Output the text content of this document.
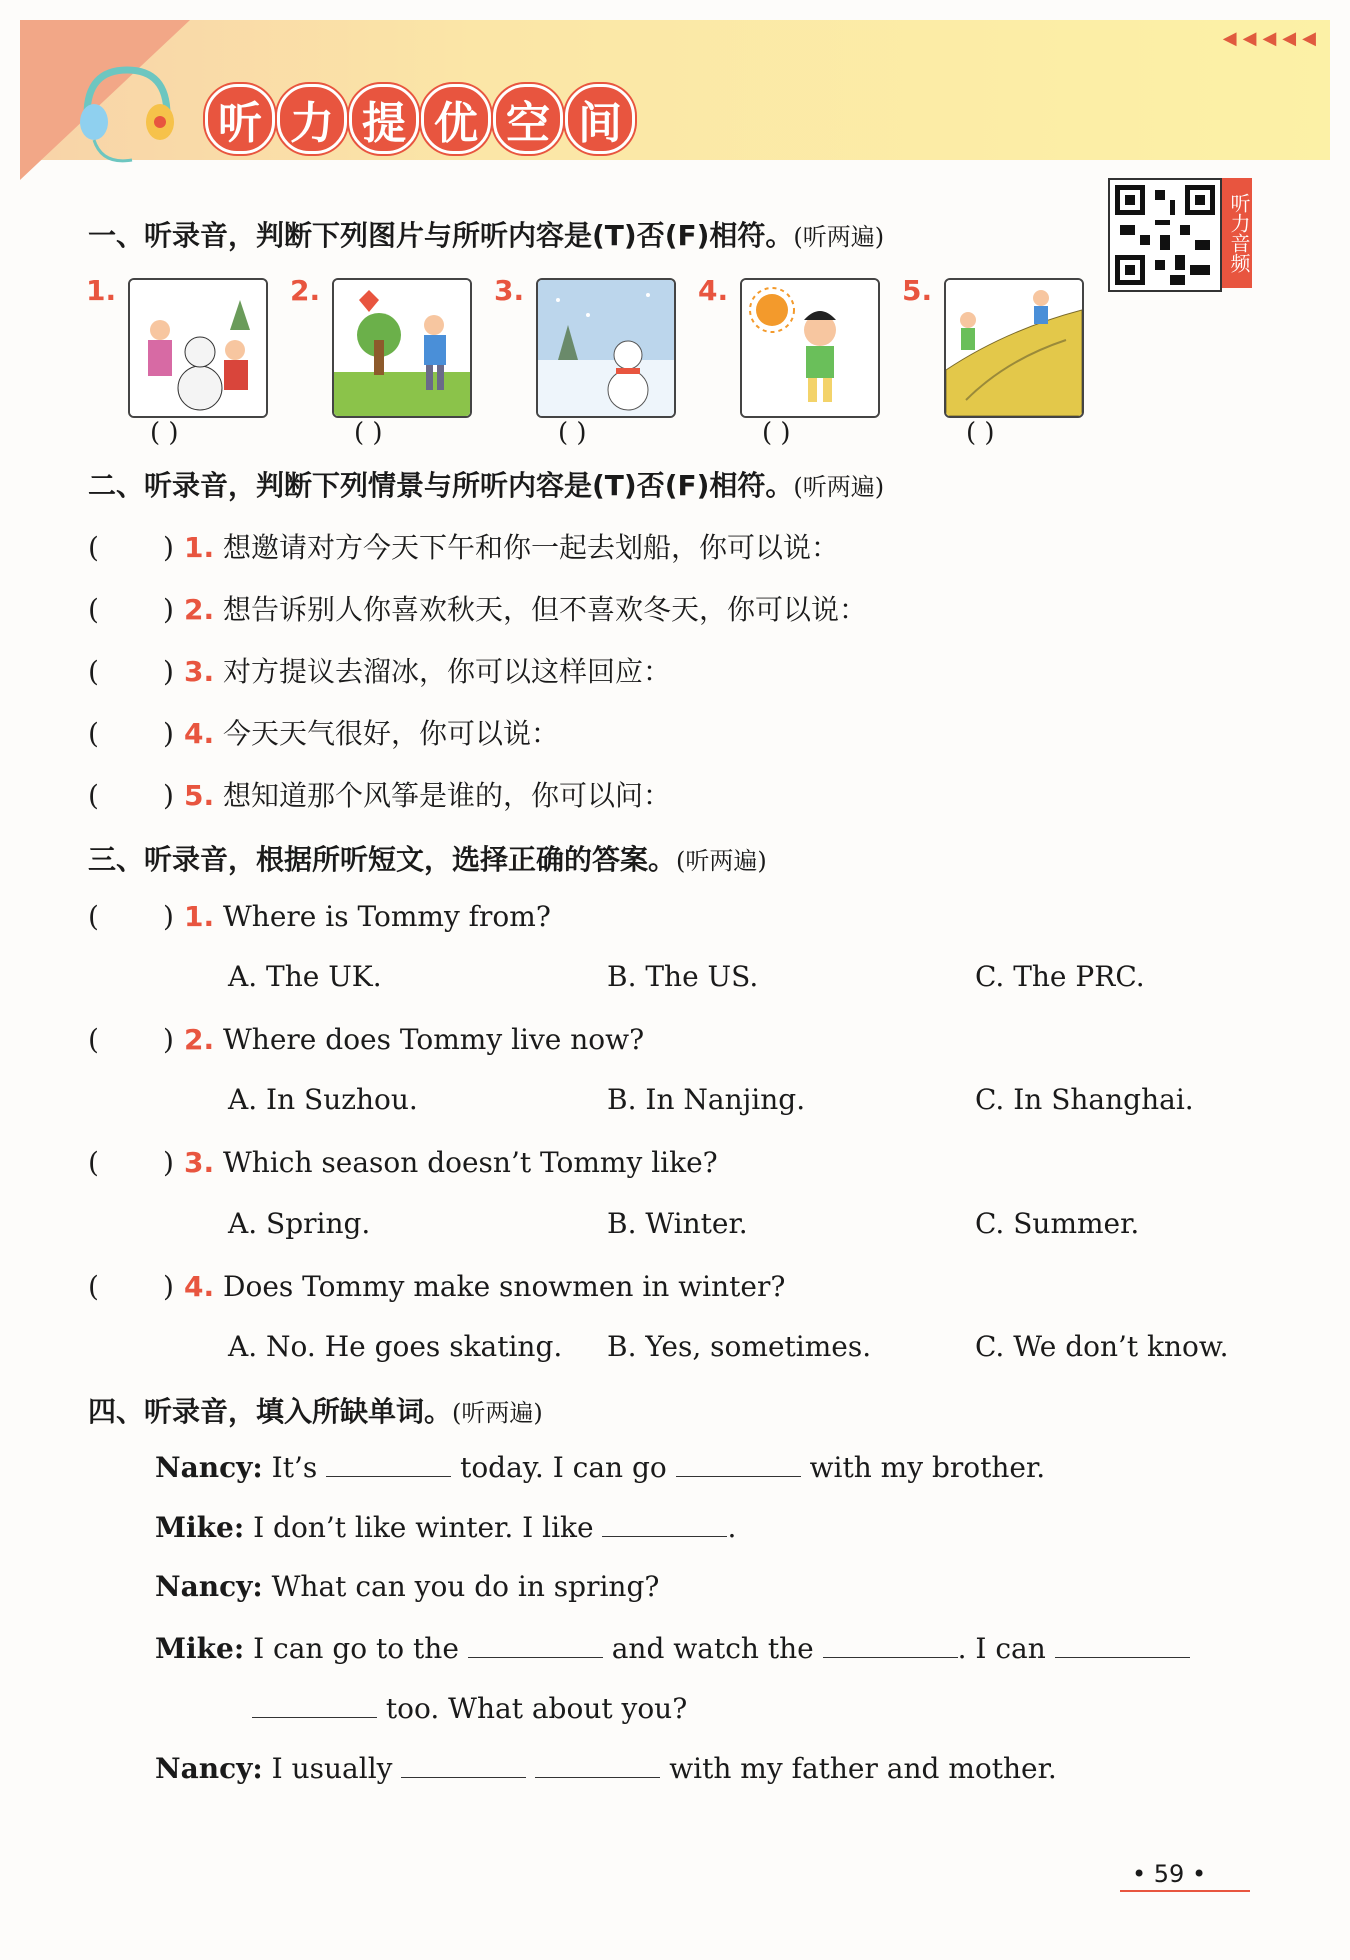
听 力 提 优 空 间
◀◀◀◀◀
听力音频
一、听录音，判断下列图片与所听内容是(T)否(F)相符。(听两遍)
1.
( )
2.
( )
3.
( )
4.
( )
5.
( )
二、听录音，判断下列情景与所听内容是(T)否(F)相符。(听两遍)
( ) 1. 想邀请对方今天下午和你一起去划船，你可以说：
( ) 2. 想告诉别人你喜欢秋天，但不喜欢冬天，你可以说：
( ) 3. 对方提议去溜冰，你可以这样回应：
( ) 4. 今天天气很好，你可以说：
( ) 5. 想知道那个风筝是谁的，你可以问：
三、听录音，根据所听短文，选择正确的答案。(听两遍)
( ) 1. Where is Tommy from?
A. The UK.	B. The US.	C. The PRC.
( ) 2. Where does Tommy live now?
A. In Suzhou.	B. In Nanjing.	C. In Shanghai.
( ) 3. Which season doesn’t Tommy like?
A. Spring.	B. Winter.	C. Summer.
( ) 4. Does Tommy make snowmen in winter?
A. No. He goes skating. B. Yes, sometimes.	C. We don’t know.
四、听录音，填入所缺单词。(听两遍)
Nancy: It’s	today. I can go	with my brother.
Mike: I don’t like winter. I like	.
Nancy: What can you do in spring?
Mike: I can go to the	and watch the	. I can
too. What about you?
Nancy: I usually	with my father and mother.
• 59 •
